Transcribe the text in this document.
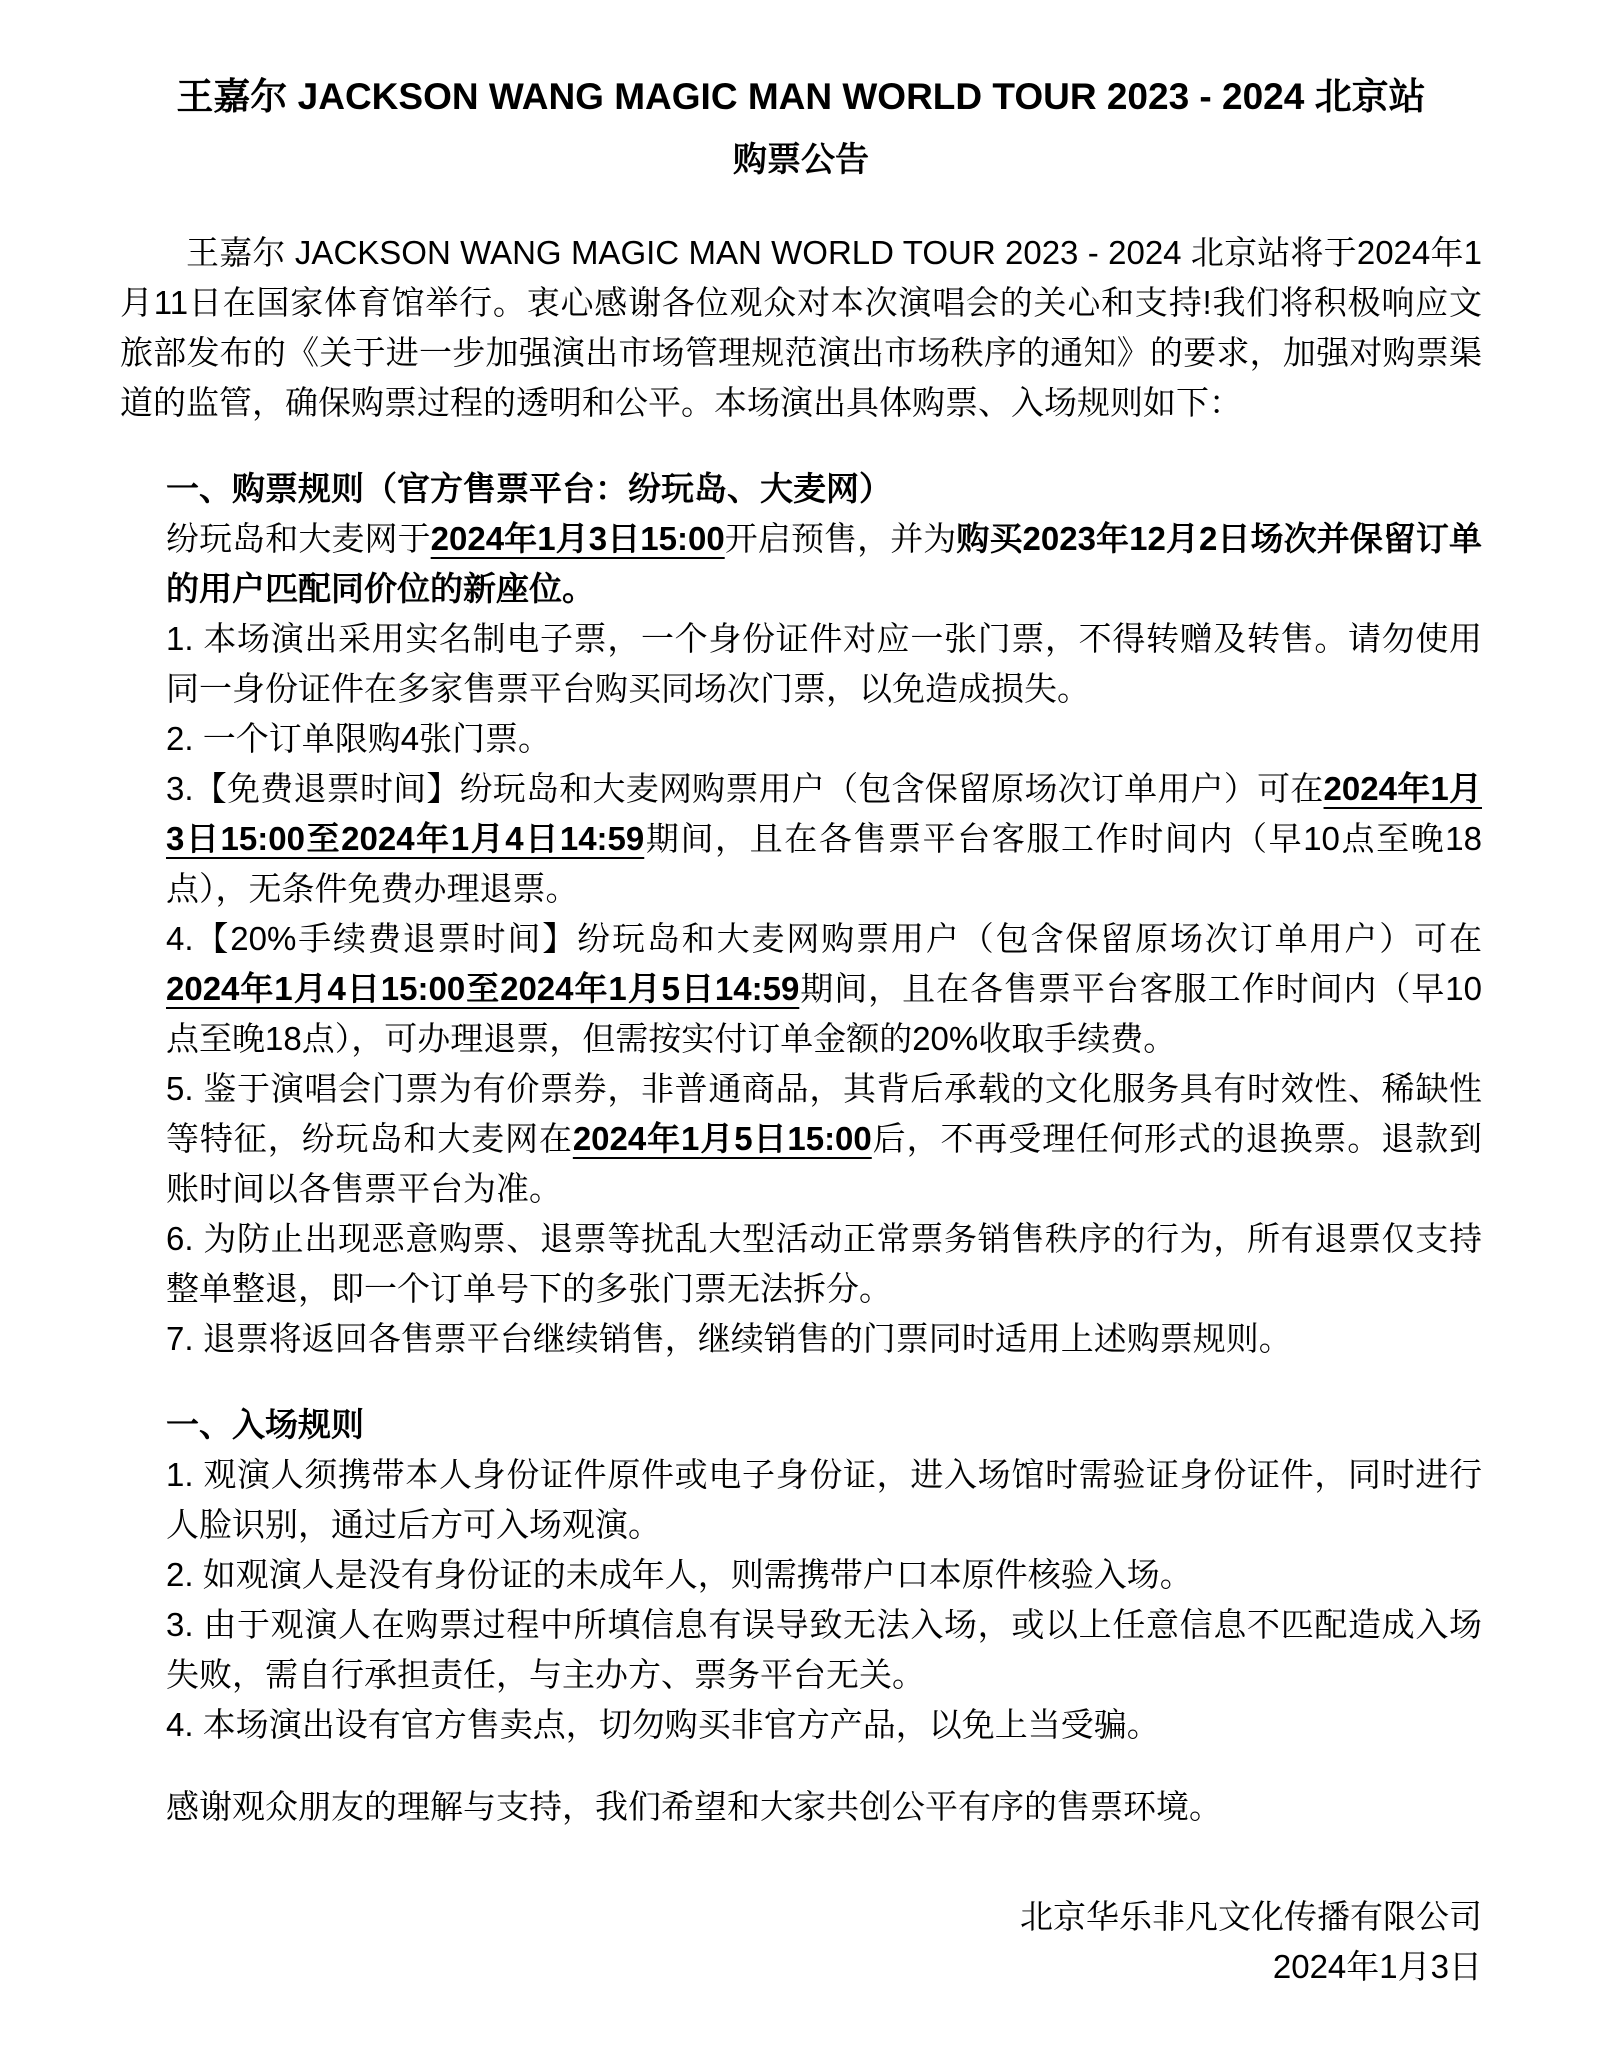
王嘉尔 JACKSON WANG MAGIC MAN WORLD TOUR 2023 - 2024 北京站
购票公告

王嘉尔 JACKSON WANG MAGIC MAN WORLD TOUR 2023 - 2024 北京站将于2024年1月11日在国家体育馆举行。衷心感谢各位观众对本次演唱会的关心和支持!我们将积极响应文旅部发布的《关于进一步加强演出市场管理规范演出市场秩序的通知》的要求，加强对购票渠道的监管，确保购票过程的透明和公平。本场演出具体购票、入场规则如下：

一、购票规则（官方售票平台：纷玩岛、大麦网）

纷玩岛和大麦网于2024年1月3日15:00开启预售，并为购买2023年12月2日场次并保留订单的用户匹配同价位的新座位。

1. 本场演出采用实名制电子票，一个身份证件对应一张门票，不得转赠及转售。请勿使用同一身份证件在多家售票平台购买同场次门票，以免造成损失。

2. 一个订单限购4张门票。

3.【免费退票时间】纷玩岛和大麦网购票用户（包含保留原场次订单用户）可在2024年1月3日15:00至2024年1月4日14:59期间，且在各售票平台客服工作时间内（早10点至晚18点），无条件免费办理退票。

4.【20%手续费退票时间】纷玩岛和大麦网购票用户（包含保留原场次订单用户）可在2024年1月4日15:00至2024年1月5日14:59期间，且在各售票平台客服工作时间内（早10点至晚18点），可办理退票，但需按实付订单金额的20%收取手续费。

5. 鉴于演唱会门票为有价票券，非普通商品，其背后承载的文化服务具有时效性、稀缺性等特征，纷玩岛和大麦网在2024年1月5日15:00后，不再受理任何形式的退换票。退款到账时间以各售票平台为准。

6. 为防止出现恶意购票、退票等扰乱大型活动正常票务销售秩序的行为，所有退票仅支持整单整退，即一个订单号下的多张门票无法拆分。

7. 退票将返回各售票平台继续销售，继续销售的门票同时适用上述购票规则。

一、入场规则

1. 观演人须携带本人身份证件原件或电子身份证，进入场馆时需验证身份证件，同时进行人脸识别，通过后方可入场观演。

2. 如观演人是没有身份证的未成年人，则需携带户口本原件核验入场。

3. 由于观演人在购票过程中所填信息有误导致无法入场，或以上任意信息不匹配造成入场失败，需自行承担责任，与主办方、票务平台无关。

4. 本场演出设有官方售卖点，切勿购买非官方产品，以免上当受骗。

感谢观众朋友的理解与支持，我们希望和大家共创公平有序的售票环境。

北京华乐非凡文化传播有限公司

2024年1月3日
